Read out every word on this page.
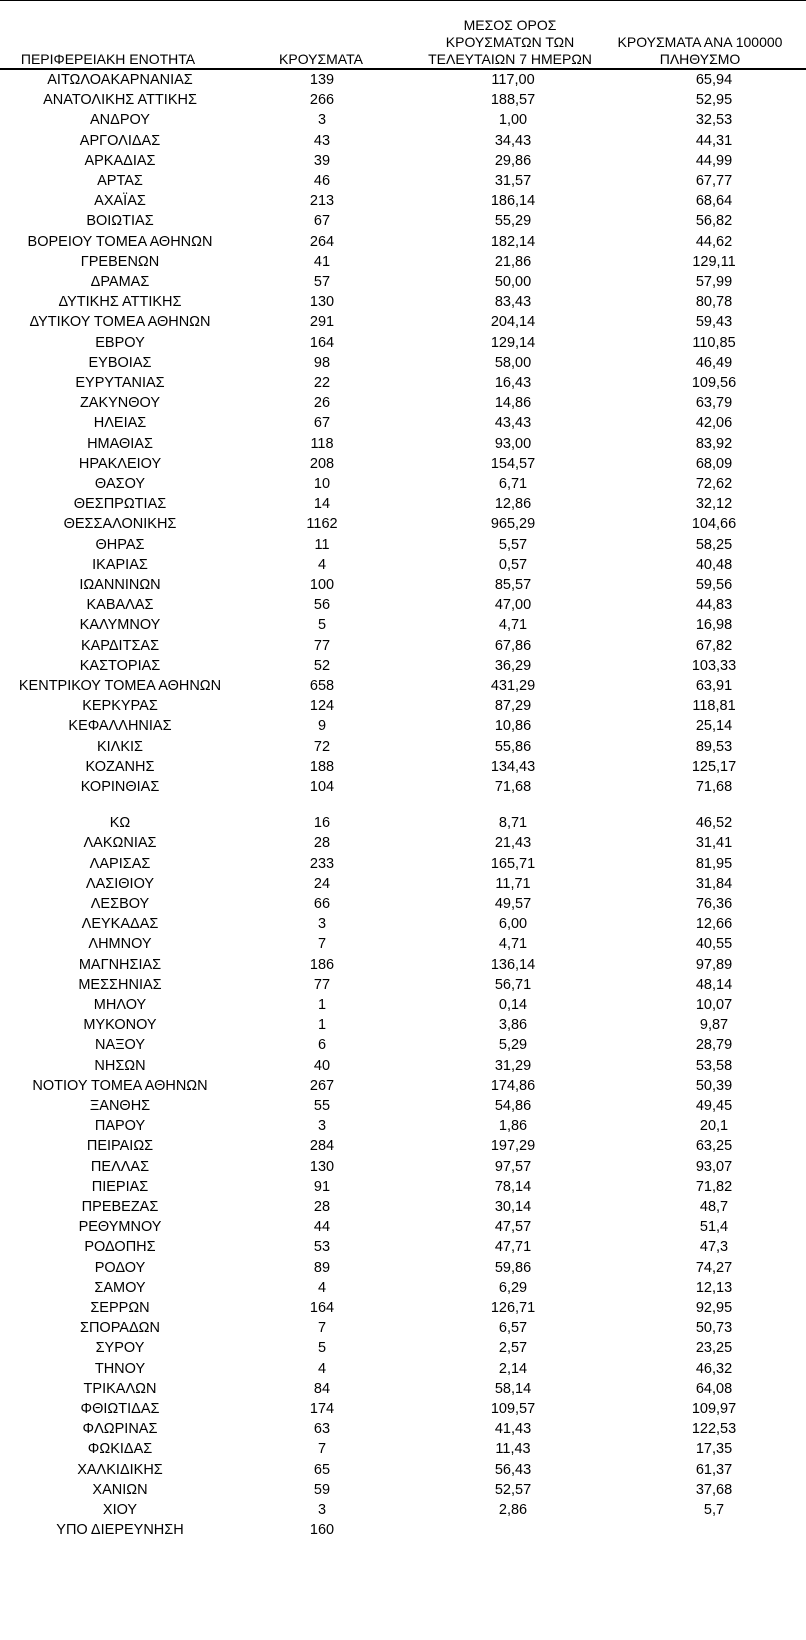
ΠΕΡΙΦΕΡΕΙΑΚΗ ΕΝΟΤΗΤΑ	ΚΡΟΥΣΜΑΤΑ
ΜΕΣΟΣ ΟΡΟΣ
ΚΡΟΥΣΜΑΤΩΝ ΤΩΝ
ΤΕΛΕΥΤΑΙΩΝ 7 ΗΜΕΡΩΝ
ΚΡΟΥΣΜΑΤΑ ΑΝΑ 100000
ΠΛΗΘΥΣΜΟ
ΑΙΤΩΛΟΑΚΑΡΝΑΝΙΑΣ	139	117,00	65,94
ΑΝΑΤΟΛΙΚΗΣ ΑΤΤΙΚΗΣ	266	188,57	52,95
ΑΝΔΡΟΥ	3	1,00	32,53
ΑΡΓΟΛΙΔΑΣ	43	34,43	44,31
ΑΡΚΑΔΙΑΣ	39	29,86	44,99
ΑΡΤΑΣ	46	31,57	67,77
ΑΧΑΪΑΣ	213	186,14	68,64
ΒΟΙΩΤΙΑΣ	67	55,29	56,82
ΒΟΡΕΙΟΥ ΤΟΜΕΑ ΑΘΗΝΩΝ	264	182,14	44,62
ΓΡΕΒΕΝΩΝ	41	21,86	129,11
ΔΡΑΜΑΣ	57	50,00	57,99
ΔΥΤΙΚΗΣ ΑΤΤΙΚΗΣ	130	83,43	80,78
ΔΥΤΙΚΟΥ ΤΟΜΕΑ ΑΘΗΝΩΝ	291	204,14	59,43
ΕΒΡΟΥ	164	129,14	110,85
ΕΥΒΟΙΑΣ	98	58,00	46,49
ΕΥΡΥΤΑΝΙΑΣ	22	16,43	109,56
ΖΑΚΥΝΘΟΥ	26	14,86	63,79
ΗΛΕΙΑΣ	67	43,43	42,06
ΗΜΑΘΙΑΣ	118	93,00	83,92
ΗΡΑΚΛΕΙΟΥ	208	154,57	68,09
ΘΑΣΟΥ	10	6,71	72,62
ΘΕΣΠΡΩΤΙΑΣ	14	12,86	32,12
ΘΕΣΣΑΛΟΝΙΚΗΣ	1162	965,29	104,66
ΘΗΡΑΣ	11	5,57	58,25
ΙΚΑΡΙΑΣ	4	0,57	40,48
ΙΩΑΝΝΙΝΩΝ	100	85,57	59,56
ΚΑΒΑΛΑΣ	56	47,00	44,83
ΚΑΛΥΜΝΟΥ	5	4,71	16,98
ΚΑΡΔΙΤΣΑΣ	77	67,86	67,82
ΚΑΣΤΟΡΙΑΣ	52	36,29	103,33
ΚΕΝΤΡΙΚΟΥ ΤΟΜΕΑ ΑΘΗΝΩΝ	658	431,29	63,91
ΚΕΡΚΥΡΑΣ	124	87,29	118,81
ΚΕΦΑΛΛΗΝΙΑΣ	9	10,86	25,14
ΚΙΛΚΙΣ	72	55,86	89,53
ΚΟΖΑΝΗΣ	188	134,43	125,17
ΚΟΡΙΝΘΙΑΣ	104	71,68	71,68
ΚΩ	16	8,71	46,52
ΛΑΚΩΝΙΑΣ	28	21,43	31,41
ΛΑΡΙΣΑΣ	233	165,71	81,95
ΛΑΣΙΘΙΟΥ	24	11,71	31,84
ΛΕΣΒΟΥ	66	49,57	76,36
ΛΕΥΚΑΔΑΣ	3	6,00	12,66
ΛΗΜΝΟΥ	7	4,71	40,55
ΜΑΓΝΗΣΙΑΣ	186	136,14	97,89
ΜΕΣΣΗΝΙΑΣ	77	56,71	48,14
ΜΗΛΟΥ	1	0,14	10,07
ΜΥΚΟΝΟΥ	1	3,86	9,87
ΝΑΞΟΥ	6	5,29	28,79
ΝΗΣΩΝ	40	31,29	53,58
ΝΟΤΙΟΥ ΤΟΜΕΑ ΑΘΗΝΩΝ	267	174,86	50,39
ΞΑΝΘΗΣ	55	54,86	49,45
ΠΑΡΟΥ	3	1,86	20,1
ΠΕΙΡΑΙΩΣ	284	197,29	63,25
ΠΕΛΛΑΣ	130	97,57	93,07
ΠΙΕΡΙΑΣ	91	78,14	71,82
ΠΡΕΒΕΖΑΣ	28	30,14	48,7
ΡΕΘΥΜΝΟΥ	44	47,57	51,4
ΡΟΔΟΠΗΣ	53	47,71	47,3
ΡΟΔΟΥ	89	59,86	74,27
ΣΑΜΟΥ	4	6,29	12,13
ΣΕΡΡΩΝ	164	126,71	92,95
ΣΠΟΡΑΔΩΝ	7	6,57	50,73
ΣΥΡΟΥ	5	2,57	23,25
ΤΗΝΟΥ	4	2,14	46,32
ΤΡΙΚΑΛΩΝ	84	58,14	64,08
ΦΘΙΩΤΙΔΑΣ	174	109,57	109,97
ΦΛΩΡΙΝΑΣ	63	41,43	122,53
ΦΩΚΙΔΑΣ	7	11,43	17,35
ΧΑΛΚΙΔΙΚΗΣ	65	56,43	61,37
ΧΑΝΙΩΝ	59	52,57	37,68
ΧΙΟΥ	3	2,86	5,7
ΥΠΟ ΔΙΕΡΕΥΝΗΣΗ	160
